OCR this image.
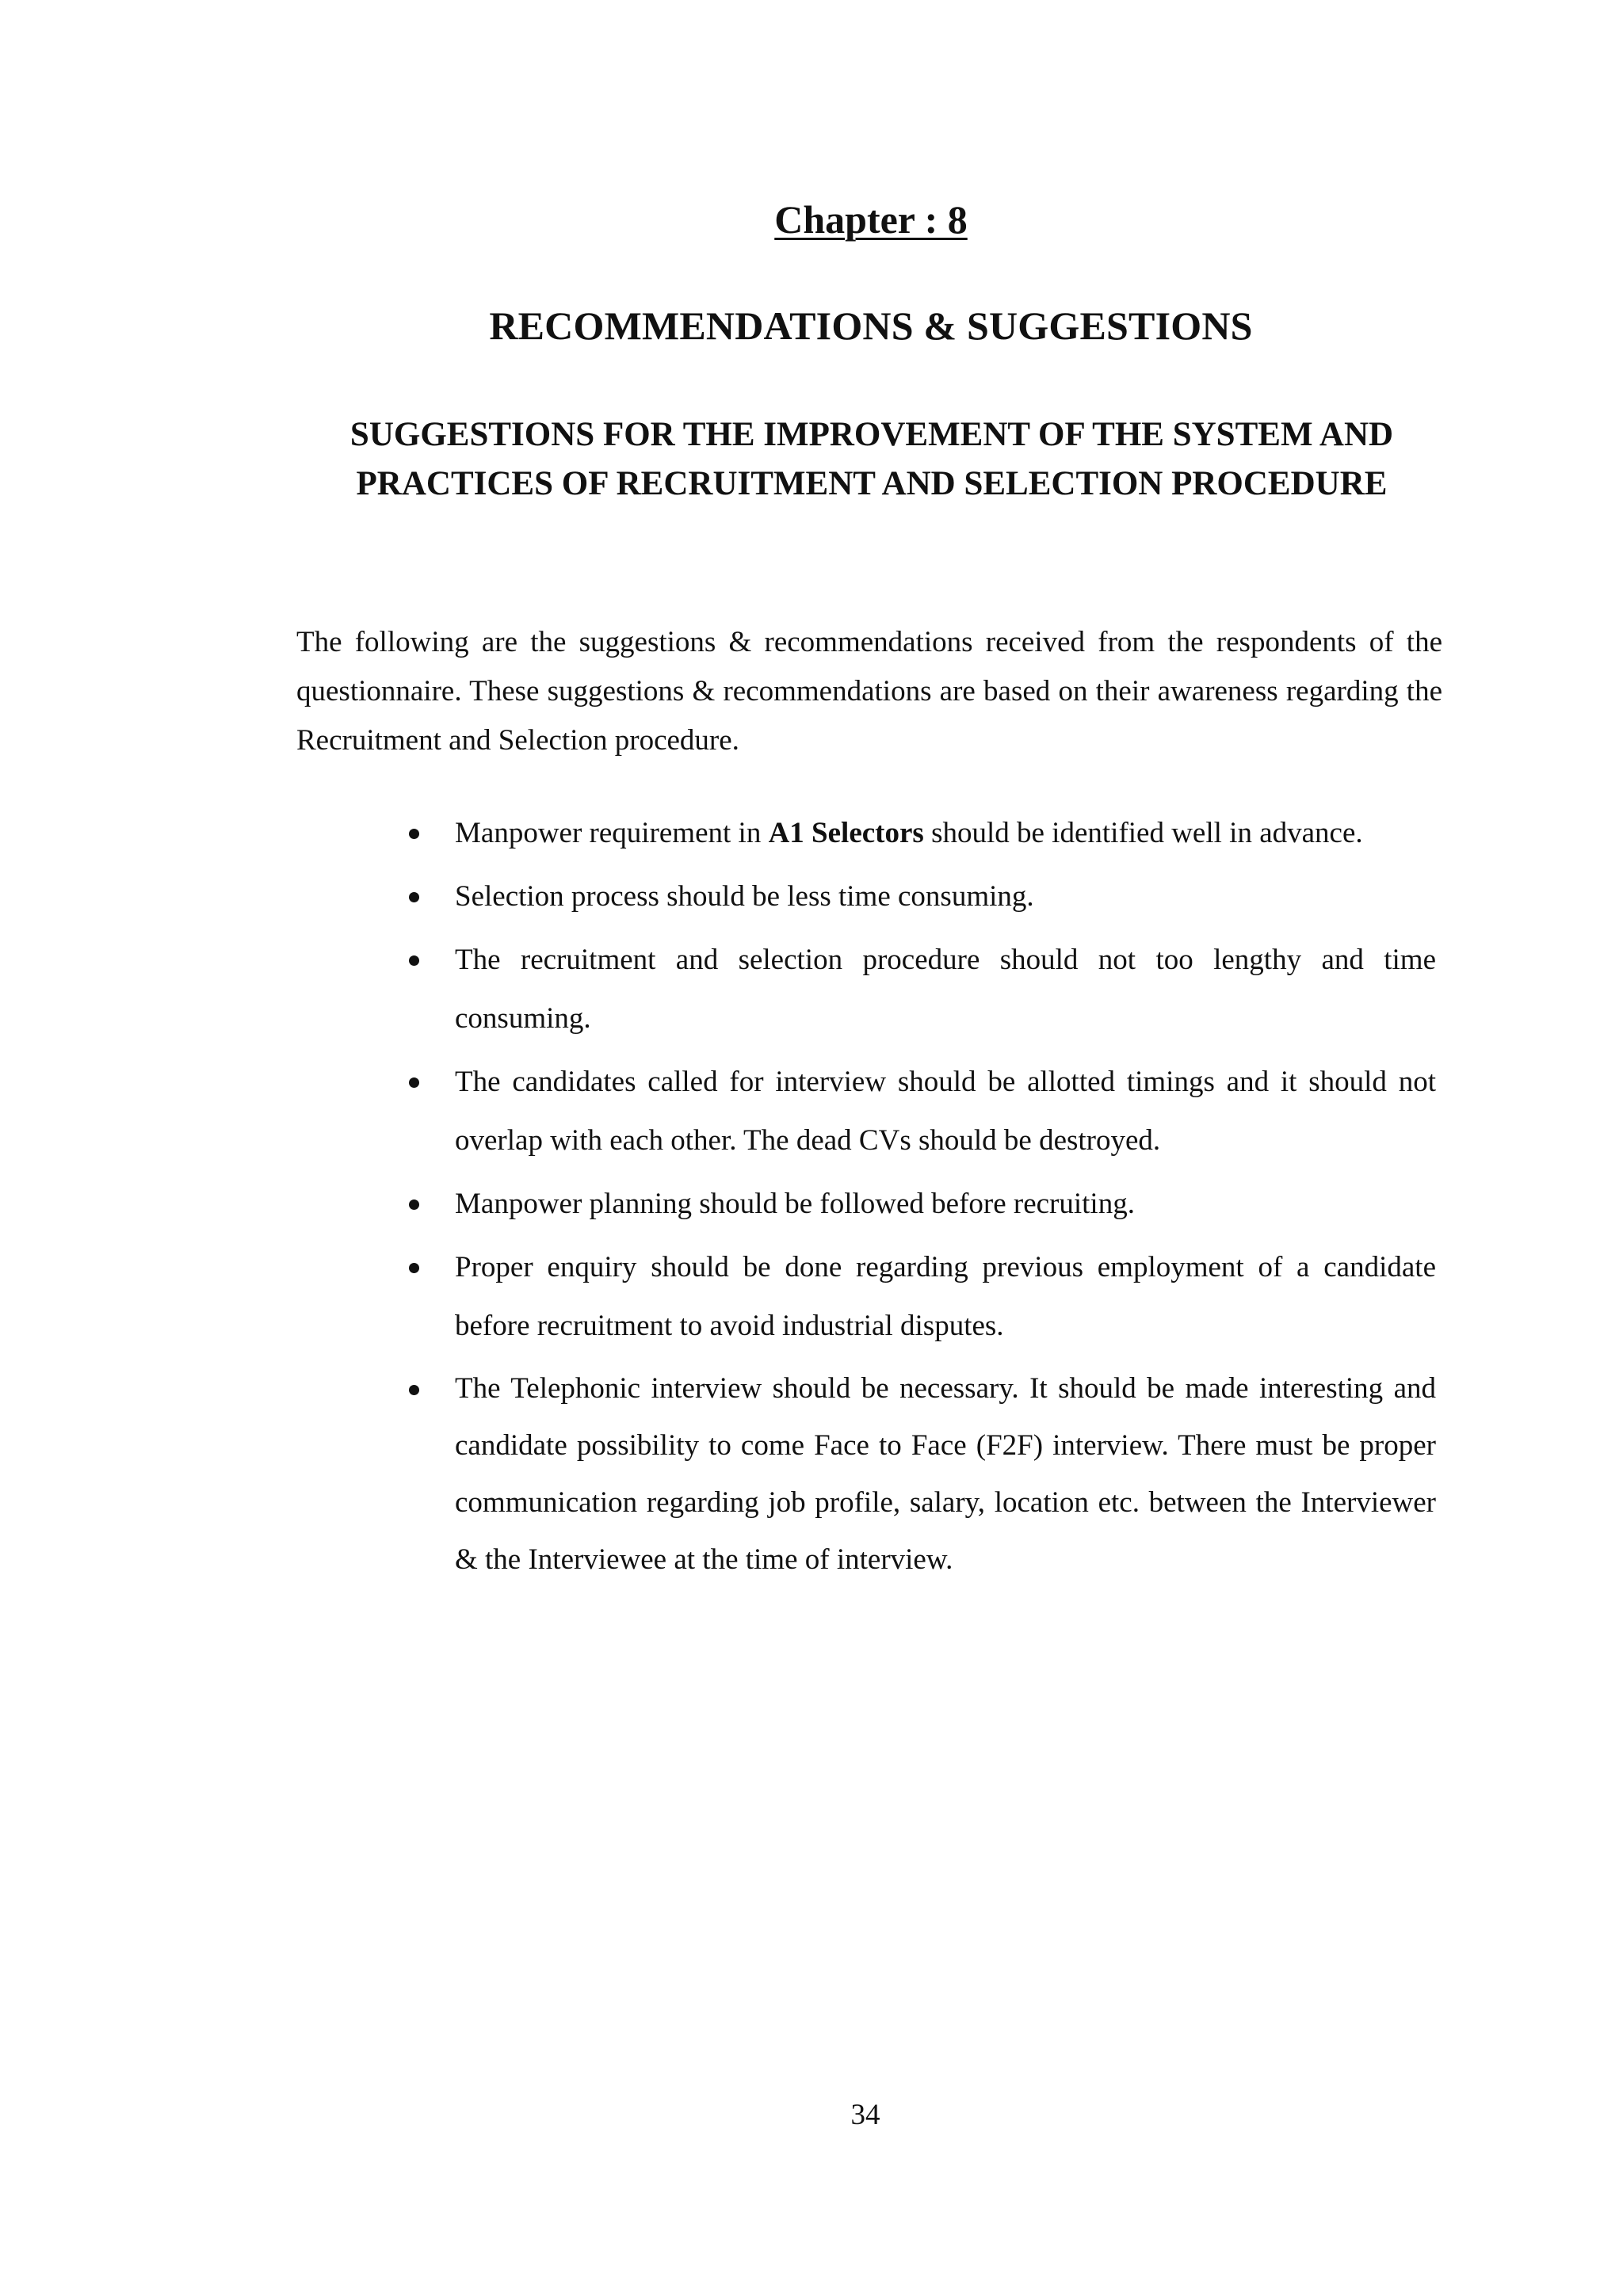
Chapter : 8
RECOMMENDATIONS & SUGGESTIONS
SUGGESTIONS FOR THE IMPROVEMENT OF THE SYSTEM AND PRACTICES OF RECRUITMENT AND SELECTION PROCEDURE
The following are the suggestions & recommendations received from the respondents of the questionnaire. These suggestions & recommendations are based on their awareness regarding the Recruitment and Selection procedure.
Manpower requirement in A1 Selectors should be identified well in advance.
Selection process should be less time consuming.
The recruitment and selection procedure should not too lengthy and time consuming.
The candidates called for interview should be allotted timings and it should not overlap with each other. The dead CVs should be destroyed.
Manpower planning should be followed before recruiting.
Proper enquiry should be done regarding previous employment of a candidate before recruitment to avoid industrial disputes.
The Telephonic interview should be necessary. It should be made interesting and candidate possibility to come Face to Face (F2F) interview. There must be proper communication regarding job profile, salary, location etc. between the Interviewer & the Interviewee at the time of interview.
34
